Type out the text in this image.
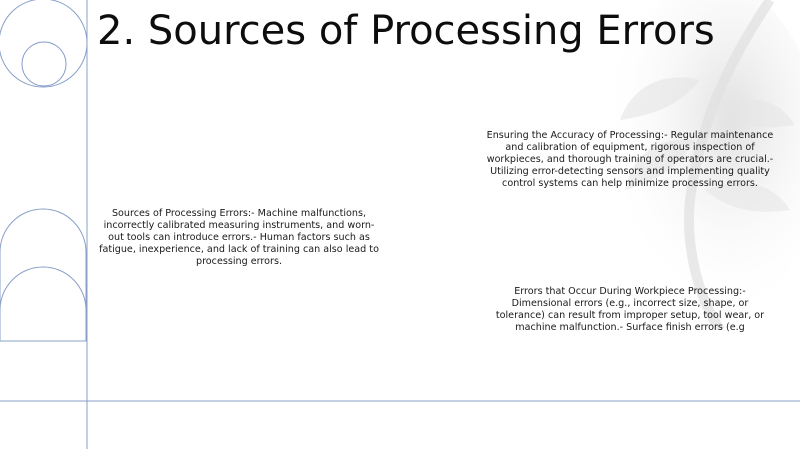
2. Sources of Processing Errors
Ensuring the Accuracy of Processing:- Regular maintenance and calibration of equipment, rigorous inspection of workpieces, and thorough training of operators are crucial.- Utilizing error-detecting sensors and implementing quality control systems can help minimize processing errors.
Sources of Processing Errors:- Machine malfunctions, incorrectly calibrated measuring instruments, and worn-out tools can introduce errors.- Human factors such as fatigue, inexperience, and lack of training can also lead to processing errors.
Errors that Occur During Workpiece Processing:- Dimensional errors (e.g., incorrect size, shape, or tolerance) can result from improper setup, tool wear, or machine malfunction.- Surface finish errors (e.g
